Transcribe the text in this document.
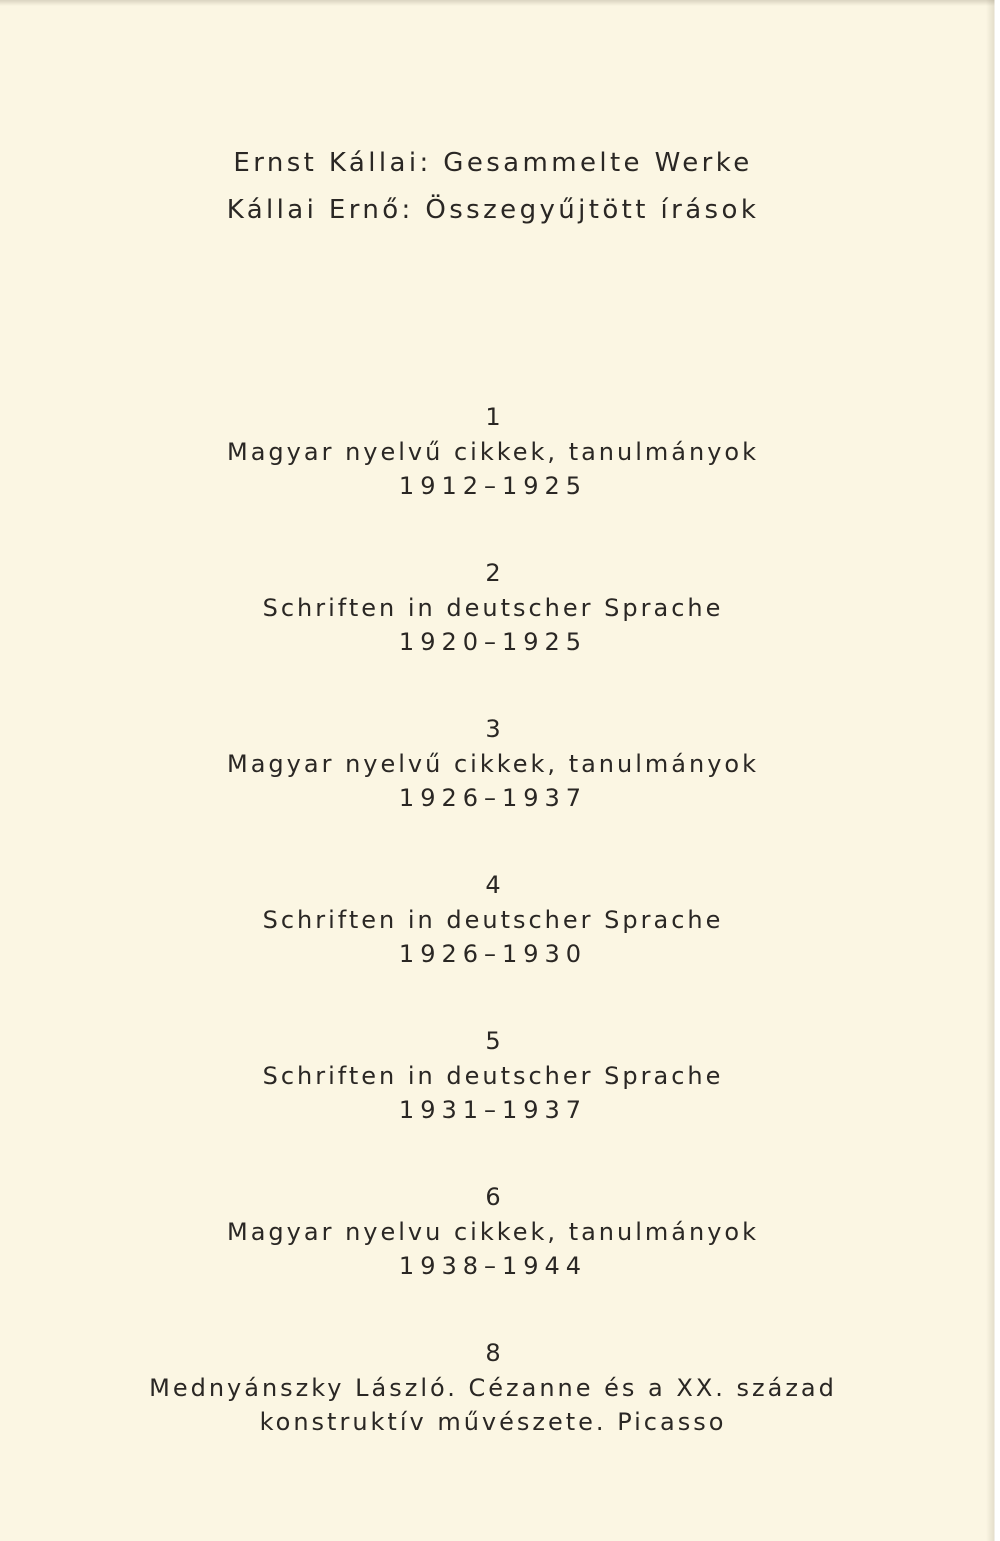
Ernst Kállai: Gesammelte Werke
Kállai Ernő: Összegyűjtött írások
1
Magyar nyelvű cikkek, tanulmányok
1912–1925
2
Schriften in deutscher Sprache
1920–1925
3
Magyar nyelvű cikkek, tanulmányok
1926–1937
4
Schriften in deutscher Sprache
1926–1930
5
Schriften in deutscher Sprache
1931–1937
6
Magyar nyelvu cikkek, tanulmányok
1938–1944
8
Mednyánszky László. Cézanne és a XX. század
konstruktív művészete. Picasso
